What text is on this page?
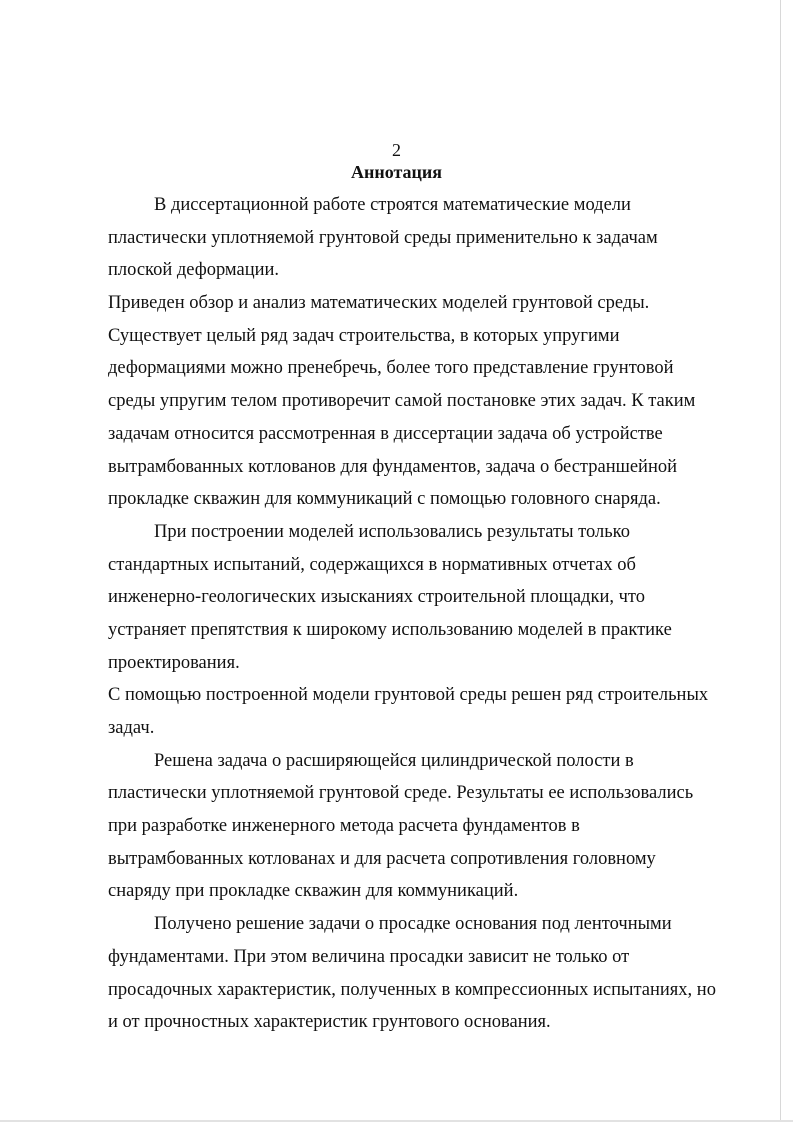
2
Аннотация
В диссертационной работе строятся математические модели
пластически уплотняемой грунтовой среды применительно к задачам
плоской деформации.
Приведен обзор и анализ математических моделей грунтовой среды.
Существует целый ряд задач строительства, в которых упругими
деформациями можно пренебречь, более того представление грунтовой
среды упругим телом противоречит самой постановке этих задач. К таким
задачам относится рассмотренная в диссертации задача об устройстве
вытрамбованных котлованов для фундаментов, задача о бестраншейной
прокладке скважин для коммуникаций с помощью головного снаряда.
При построении моделей использовались результаты только
стандартных испытаний, содержащихся в нормативных отчетах об
инженерно-геологических изысканиях строительной площадки, что
устраняет препятствия к широкому использованию моделей в практике
проектирования.
С помощью построенной модели грунтовой среды решен ряд строительных
задач.
Решена задача о расширяющейся цилиндрической полости в
пластически уплотняемой грунтовой среде. Результаты ее использовались
при разработке инженерного метода расчета фундаментов в
вытрамбованных котлованах и для расчета сопротивления головному
снаряду при прокладке скважин для коммуникаций.
Получено решение задачи о просадке основания под ленточными
фундаментами. При этом величина просадки зависит не только от
просадочных характеристик, полученных в компрессионных испытаниях, но
и от прочностных характеристик грунтового основания.
